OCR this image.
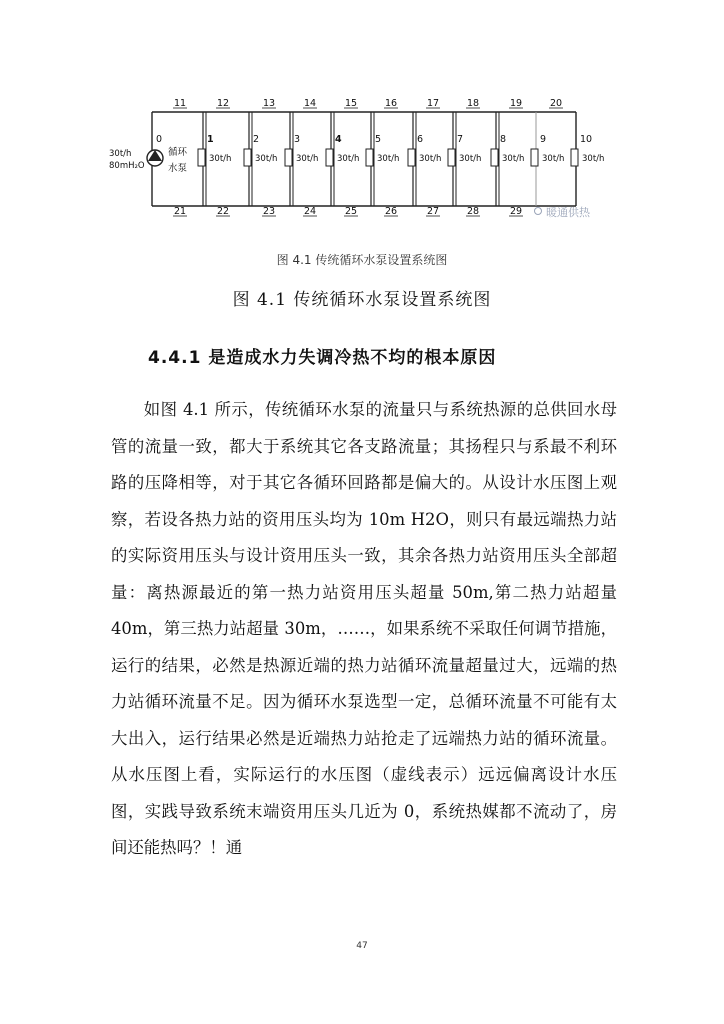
0	1	2	3	4	5	6	7	8	9	10
30t/h	30t/h 30t/h 30t/h 30t/h 30t/h 30t/h 30t/h 30t/h 30t/h
11	12	13	14	15	16	17	18	19	20
21	22	23	24	25	26	27	28	29
循环
水泵
30t/h
80mH₂O
暖通供热
图 4.1 传统循环水泵设置系统图
图 4.1 传统循环水泵设置系统图
4.4.1 是造成水力失调冷热不均的根本原因

如图 4.1 所示，传统循环水泵的流量只与系统热源的总供回水母管的流量一致，都大于系统其它各支路流量；其扬程只与系最不利环路的压降相等，对于其它各循环回路都是偏大的。从设计水压图上观察，若设各热力站的资用压头均为 10m H2O，则只有最远端热力站的实际资用压头与设计资用压头一致，其余各热力站资用压头全部超量：离热源最近的第一热力站资用压头超量 50m,第二热力站超量 40m，第三热力站超量 30m，……，如果系统不采取任何调节措施，运行的结果，必然是热源近端的热力站循环流量超量过大，远端的热力站循环流量不足。因为循环水泵选型一定，总循环流量不可能有太大出入，运行结果必然是近端热力站抢走了远端热力站的循环流量。从水压图上看，实际运行的水压图（虚线表示）远远偏离设计水压图，实践导致系统末端资用压头几近为 0，系统热媒都不流动了，房间还能热吗？！通

47
